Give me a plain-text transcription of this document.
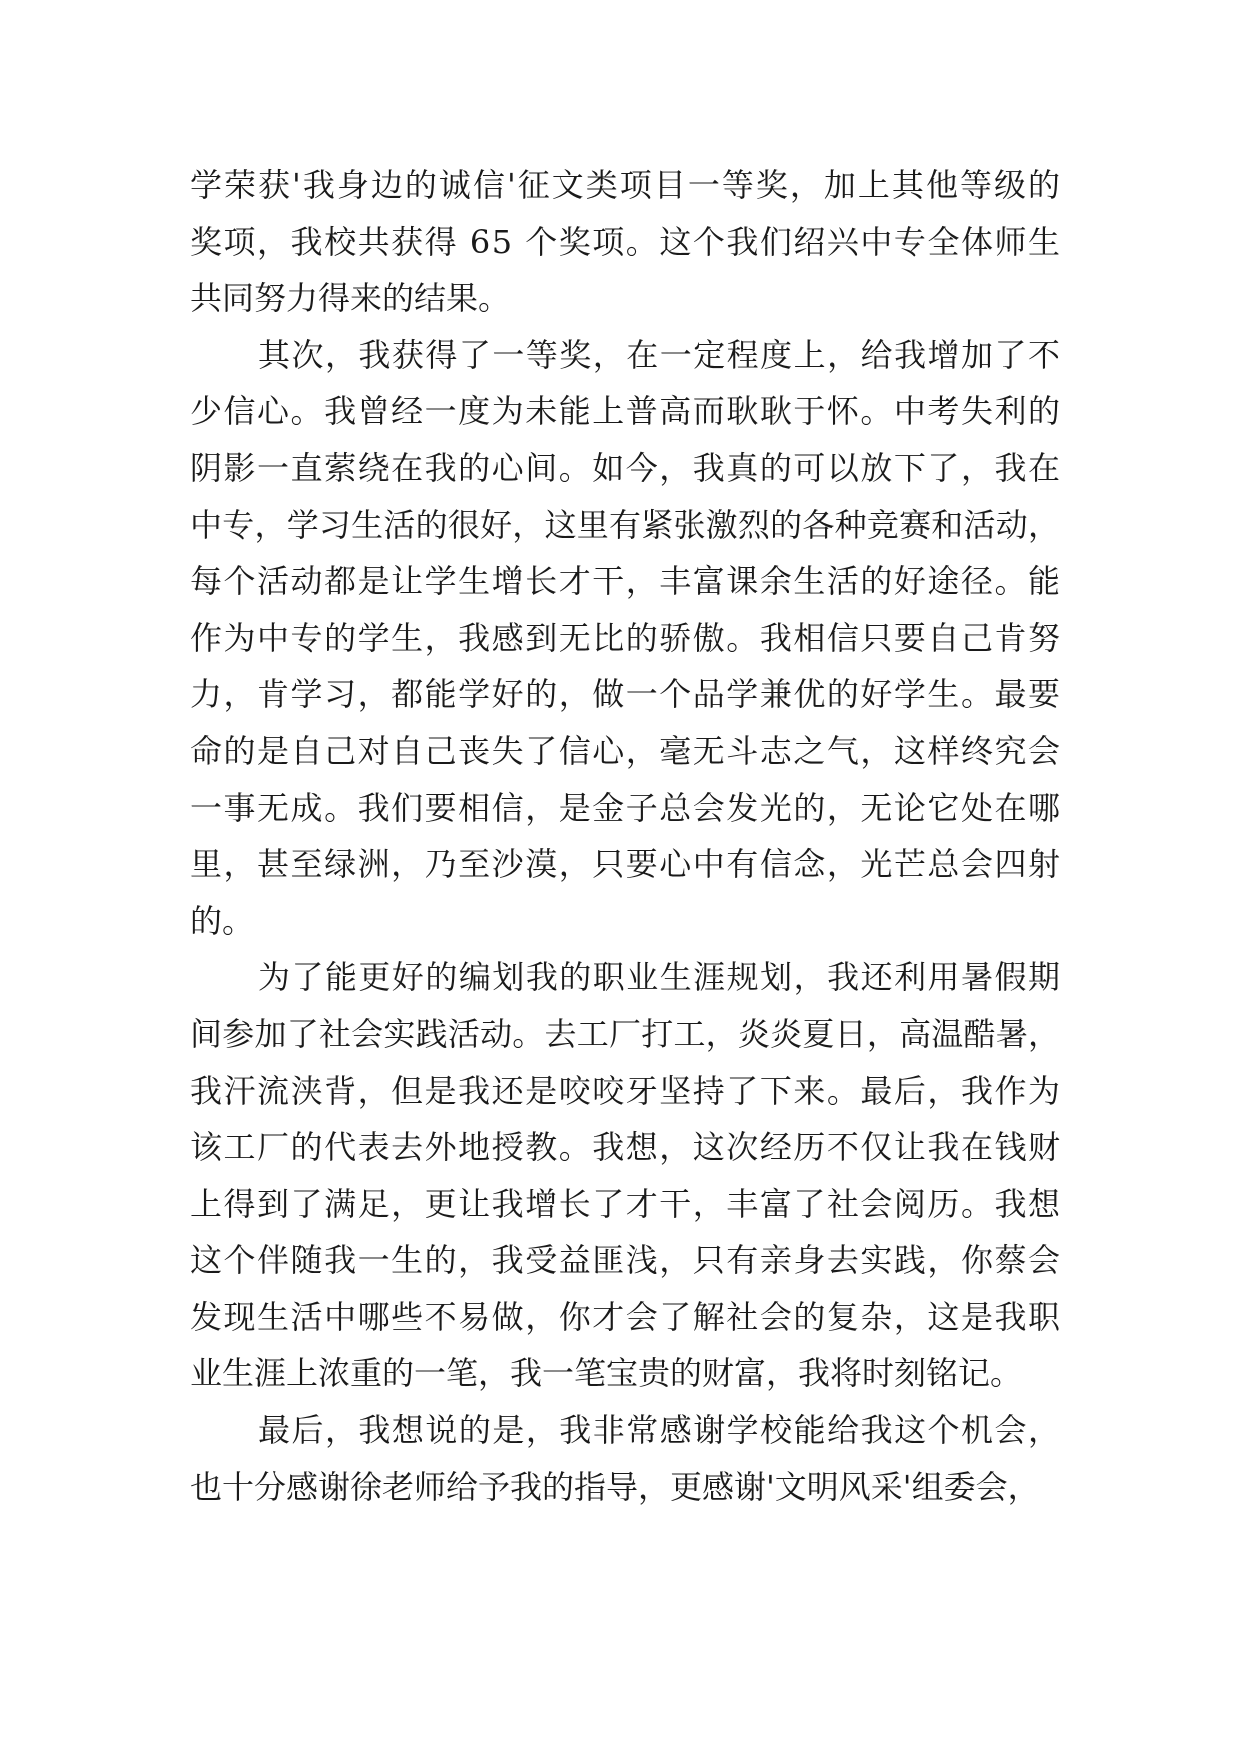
学荣获'我身边的诚信'征文类项目一等奖，加上其他等级的
奖项，我校共获得 65 个奖项。这个我们绍兴中专全体师生
共同努力得来的结果。
其次，我获得了一等奖，在一定程度上，给我增加了不
少信心。我曾经一度为未能上普高而耿耿于怀。中考失利的
阴影一直萦绕在我的心间。如今，我真的可以放下了，我在
中专，学习生活的很好，这里有紧张激烈的各种竞赛和活动，
每个活动都是让学生增长才干，丰富课余生活的好途径。能
作为中专的学生，我感到无比的骄傲。我相信只要自己肯努
力，肯学习，都能学好的，做一个品学兼优的好学生。最要
命的是自己对自己丧失了信心，毫无斗志之气，这样终究会
一事无成。我们要相信，是金子总会发光的，无论它处在哪
里，甚至绿洲，乃至沙漠，只要心中有信念，光芒总会四射
的。
为了能更好的编划我的职业生涯规划，我还利用暑假期
间参加了社会实践活动。去工厂打工，炎炎夏日，高温酷暑，
我汗流浃背，但是我还是咬咬牙坚持了下来。最后，我作为
该工厂的代表去外地授教。我想，这次经历不仅让我在钱财
上得到了满足，更让我增长了才干，丰富了社会阅历。我想
这个伴随我一生的，我受益匪浅，只有亲身去实践，你蔡会
发现生活中哪些不易做，你才会了解社会的复杂，这是我职
业生涯上浓重的一笔，我一笔宝贵的财富，我将时刻铭记。
最后，我想说的是，我非常感谢学校能给我这个机会，
也十分感谢徐老师给予我的指导，更感谢'文明风采'组委会，
